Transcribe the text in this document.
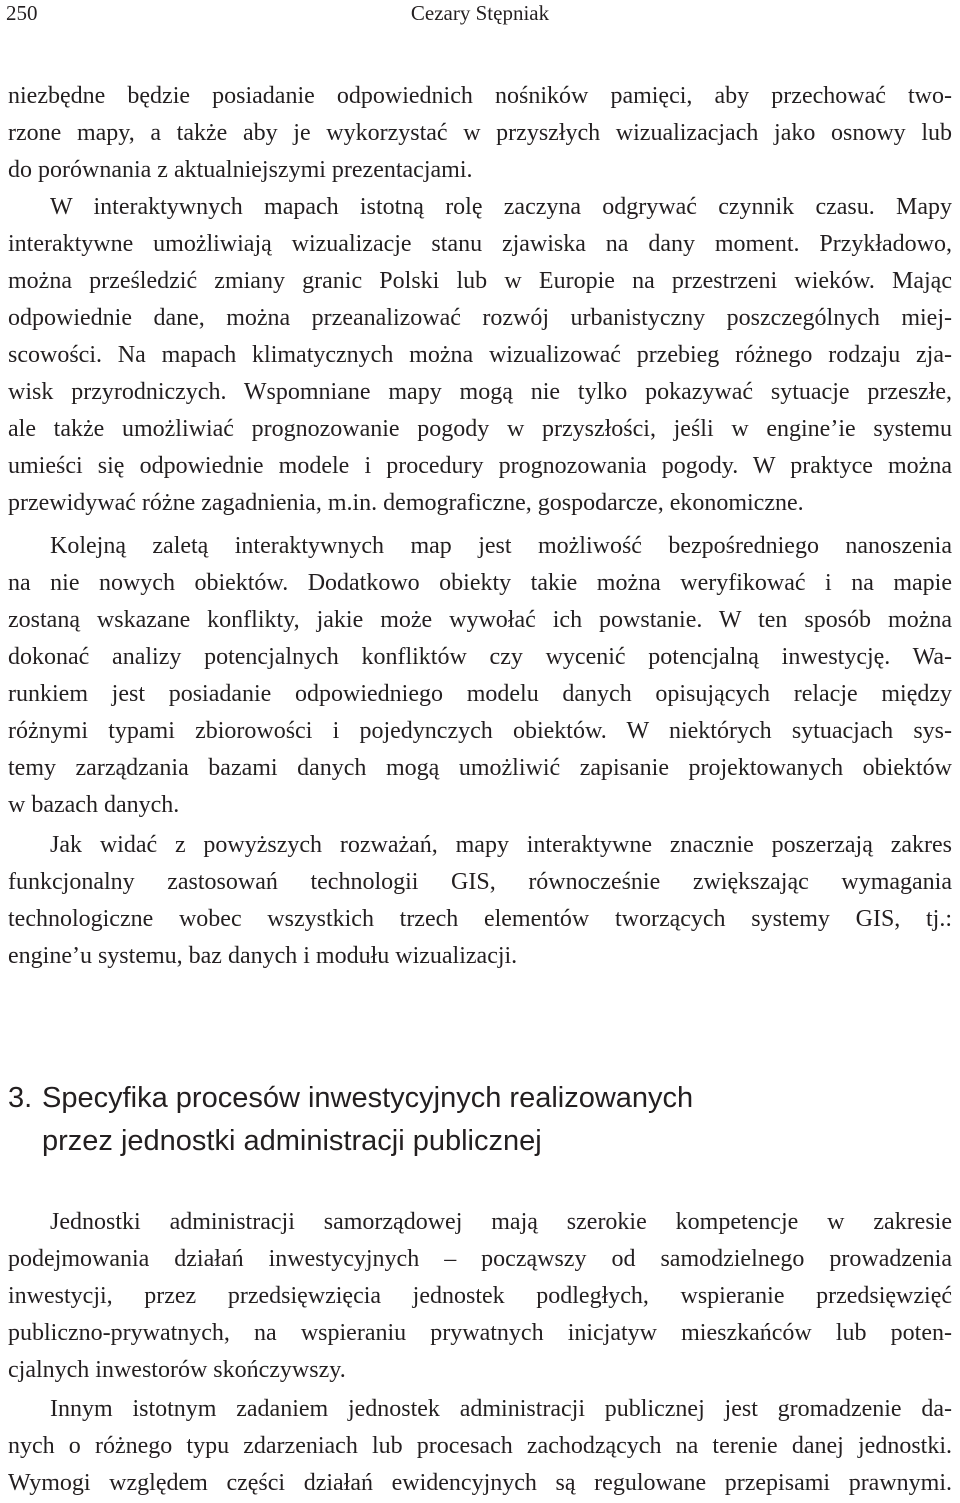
Cezary Stępniak
250
niezbędne będzie posiadanie odpowiednich nośników pamięci, aby przechować two-
rzone mapy, a także aby je wykorzystać w przyszłych wizualizacjach jako osnowy lub
do porównania z aktualniejszymi prezentacjami.
W interaktywnych mapach istotną rolę zaczyna odgrywać czynnik czasu. Mapy
interaktywne umożliwiają wizualizacje stanu zjawiska na dany moment. Przykładowo,
można prześledzić zmiany granic Polski lub w Europie na przestrzeni wieków. Mając
odpowiednie dane, można przeanalizować rozwój urbanistyczny poszczególnych miej-
scowości. Na mapach klimatycznych można wizualizować przebieg różnego rodzaju zja-
wisk przyrodniczych. Wspomniane mapy mogą nie tylko pokazywać sytuacje przeszłe,
ale także umożliwiać prognozowanie pogody w przyszłości, jeśli w engine’ie systemu
umieści się odpowiednie modele i procedury prognozowania pogody. W praktyce można
przewidywać różne zagadnienia, m.in. demograficzne, gospodarcze, ekonomiczne.
Kolejną zaletą interaktywnych map jest możliwość bezpośredniego nanoszenia
na nie nowych obiektów. Dodatkowo obiekty takie można weryfikować i na mapie
zostaną wskazane konflikty, jakie może wywołać ich powstanie. W ten sposób można
dokonać analizy potencjalnych konfliktów czy wycenić potencjalną inwestycję. Wa-
runkiem jest posiadanie odpowiedniego modelu danych opisujących relacje między
różnymi typami zbiorowości i pojedynczych obiektów. W niektórych sytuacjach sys-
temy zarządzania bazami danych mogą umożliwić zapisanie projektowanych obiektów
w bazach danych.
Jak widać z powyższych rozważań, mapy interaktywne znacznie poszerzają zakres
funkcjonalny zastosowań technologii GIS, równocześnie zwiększając wymagania
technologiczne wobec wszystkich trzech elementów tworzących systemy GIS, tj.:
engine’u systemu, baz danych i modułu wizualizacji.
3. Specyfika procesów inwestycyjnych realizowanych
przez jednostki administracji publicznej
Jednostki administracji samorządowej mają szerokie kompetencje w zakresie
podejmowania działań inwestycyjnych – począwszy od samodzielnego prowadzenia
inwestycji, przez przedsięwzięcia jednostek podległych, wspieranie przedsięwzięć
publiczno-prywatnych, na wspieraniu prywatnych inicjatyw mieszkańców lub poten-
cjalnych inwestorów skończywszy.
Innym istotnym zadaniem jednostek administracji publicznej jest gromadzenie da-
nych o różnego typu zdarzeniach lub procesach zachodzących na terenie danej jednostki.
Wymogi względem części działań ewidencyjnych są regulowane przepisami prawnymi.
